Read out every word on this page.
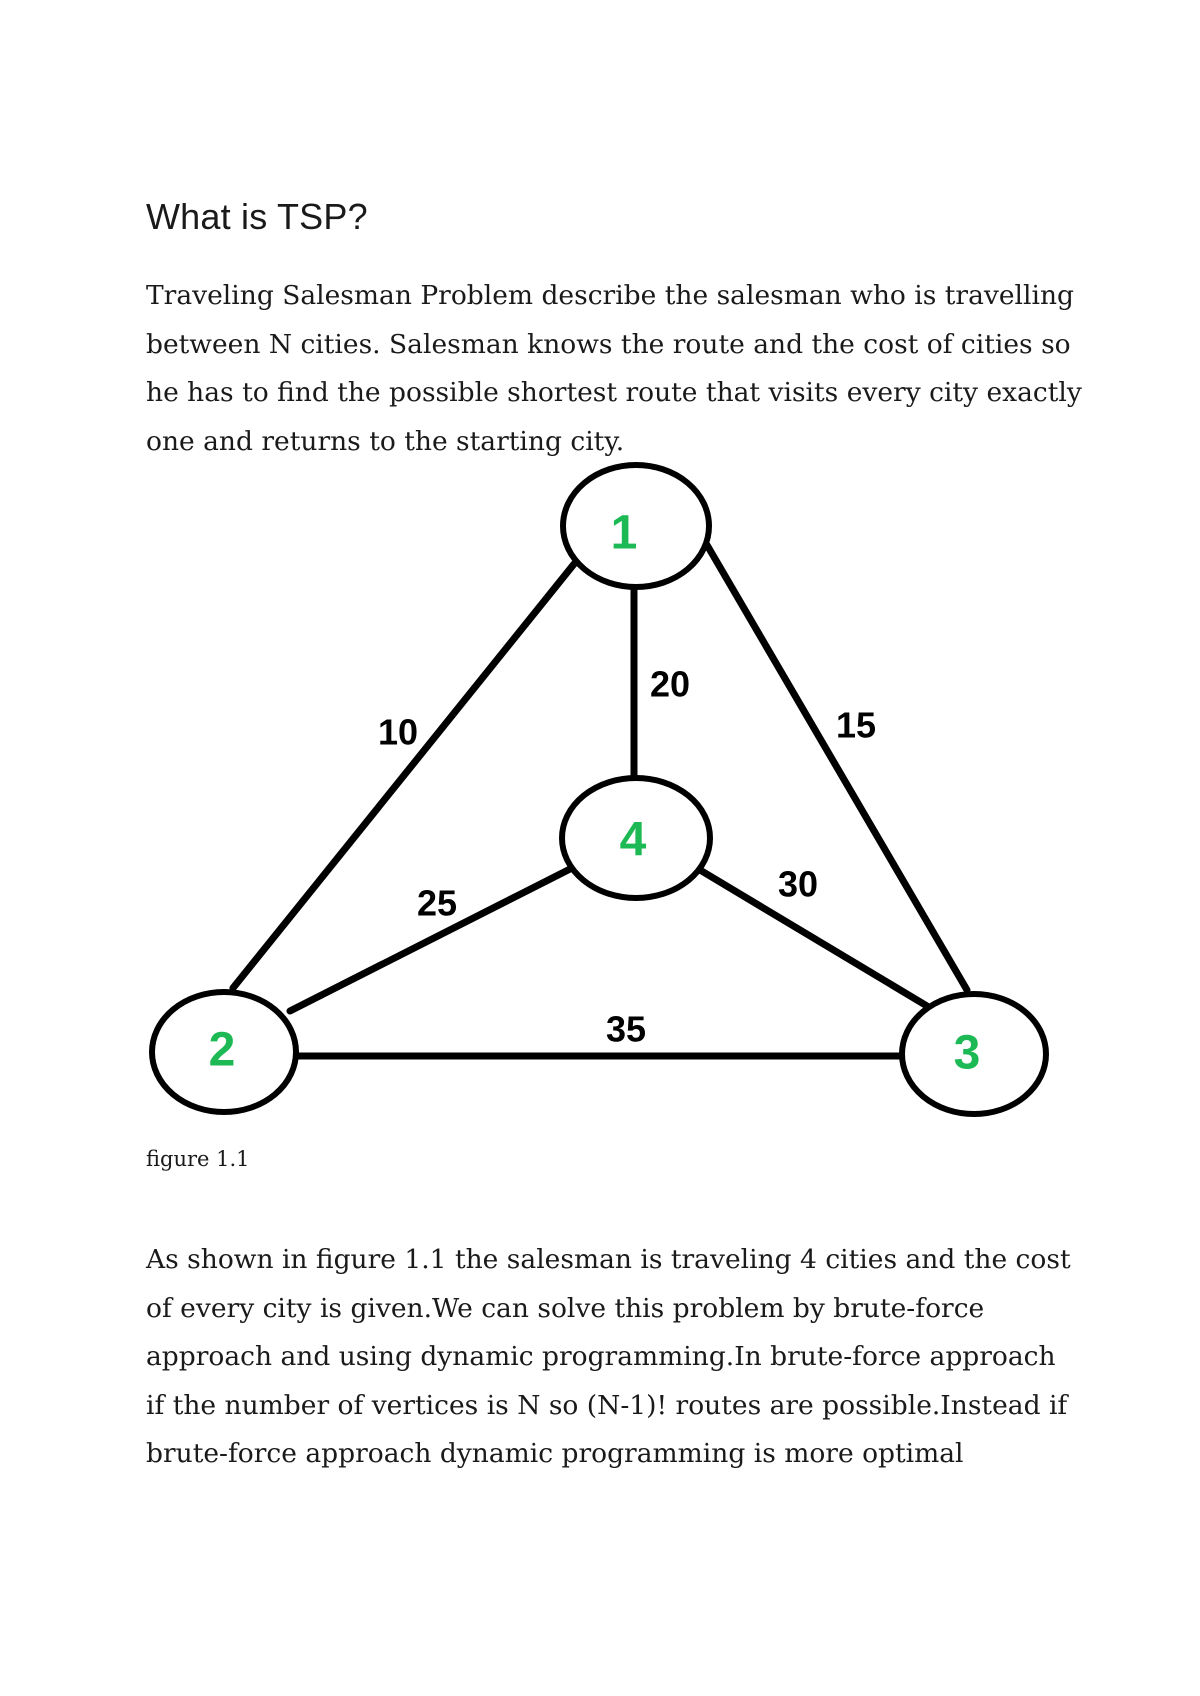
What is TSP?
Traveling Salesman Problem describe the salesman who is travelling
between N cities. Salesman knows the route and the cost of cities so
he has to find the possible shortest route that visits every city exactly
one and returns to the starting city.
1
4
2	3
10
20
15
25	30
35
figure 1.1
As shown in figure 1.1 the salesman is traveling 4 cities and the cost
of every city is given.We can solve this problem by brute-force
approach and using dynamic programming.In brute-force approach
if the number of vertices is N so (N-1)! routes are possible.Instead if
brute-force approach dynamic programming is more optimal
